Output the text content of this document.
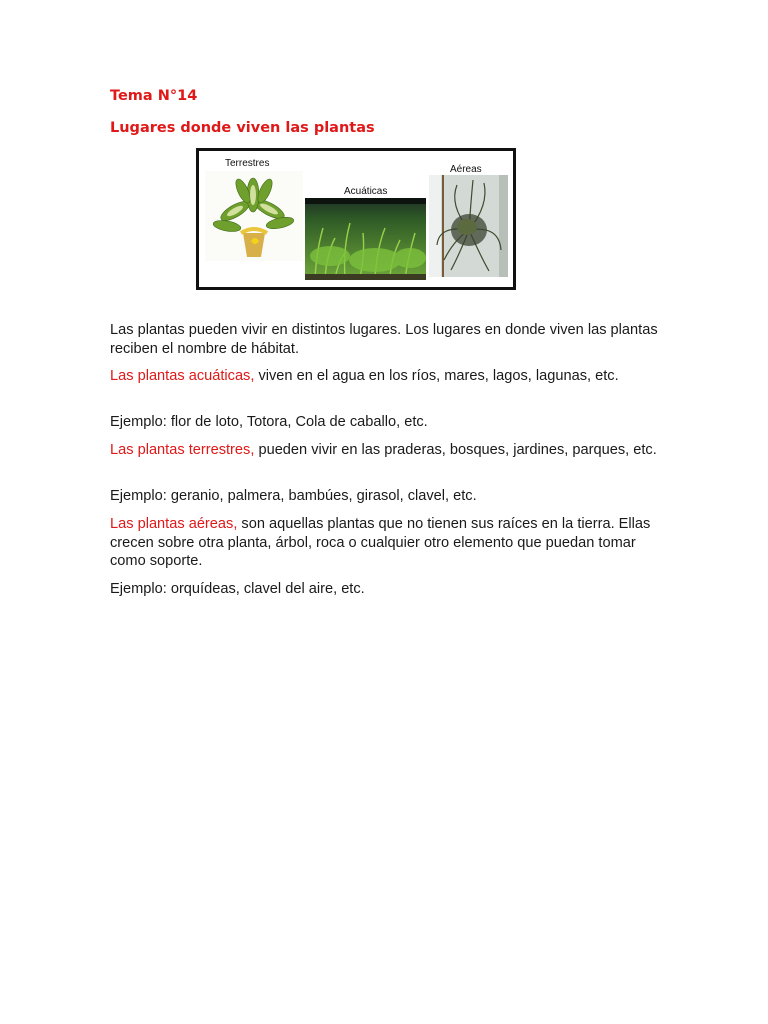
Tema N°14
Lugares donde viven las plantas
Terrestres
Acuáticas
Aéreas

Las plantas pueden vivir en distintos lugares. Los lugares en donde viven las plantas reciben el nombre de hábitat.

Las plantas acuáticas, viven en el agua en los ríos, mares, lagos, lagunas, etc.

Ejemplo: flor de loto, Totora, Cola de caballo, etc.

Las plantas terrestres, pueden vivir en las praderas, bosques, jardines, parques, etc.

Ejemplo: geranio, palmera, bambúes, girasol, clavel, etc.

Las plantas aéreas, son aquellas plantas que no tienen sus raíces en la tierra. Ellas crecen sobre otra planta, árbol, roca o cualquier otro elemento que puedan tomar como soporte.

Ejemplo: orquídeas, clavel del aire, etc.
